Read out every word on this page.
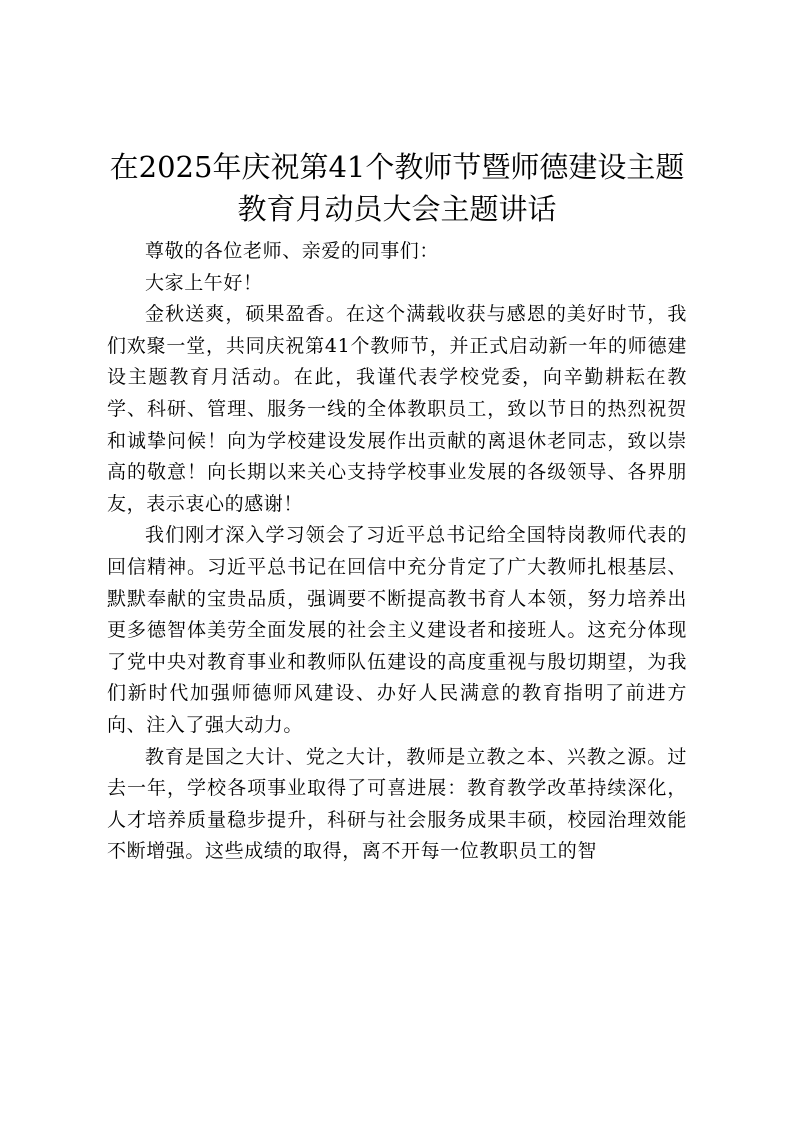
在2025年庆祝第41个教师节暨师德建设主题
教育月动员大会主题讲话

尊敬的各位老师、亲爱的同事们：

大家上午好！

金秋送爽，硕果盈香。在这个满载收获与感恩的美好时节，我们欢聚一堂，共同庆祝第41个教师节，并正式启动新一年的师德建设主题教育月活动。在此，我谨代表学校党委，向辛勤耕耘在教学、科研、管理、服务一线的全体教职员工，致以节日的热烈祝贺和诚挚问候！向为学校建设发展作出贡献的离退休老同志，致以崇高的敬意！向长期以来关心支持学校事业发展的各级领导、各界朋友，表示衷心的感谢！

我们刚才深入学习领会了习近平总书记给全国特岗教师代表的回信精神。习近平总书记在回信中充分肯定了广大教师扎根基层、默默奉献的宝贵品质，强调要不断提高教书育人本领，努力培养出更多德智体美劳全面发展的社会主义建设者和接班人。这充分体现了党中央对教育事业和教师队伍建设的高度重视与殷切期望，为我们新时代加强师德师风建设、办好人民满意的教育指明了前进方向、注入了强大动力。

教育是国之大计、党之大计，教师是立教之本、兴教之源。过去一年，学校各项事业取得了可喜进展：教育教学改革持续深化，人才培养质量稳步提升，科研与社会服务成果丰硕，校园治理效能不断增强。这些成绩的取得，离不开每一位教职员工的智
